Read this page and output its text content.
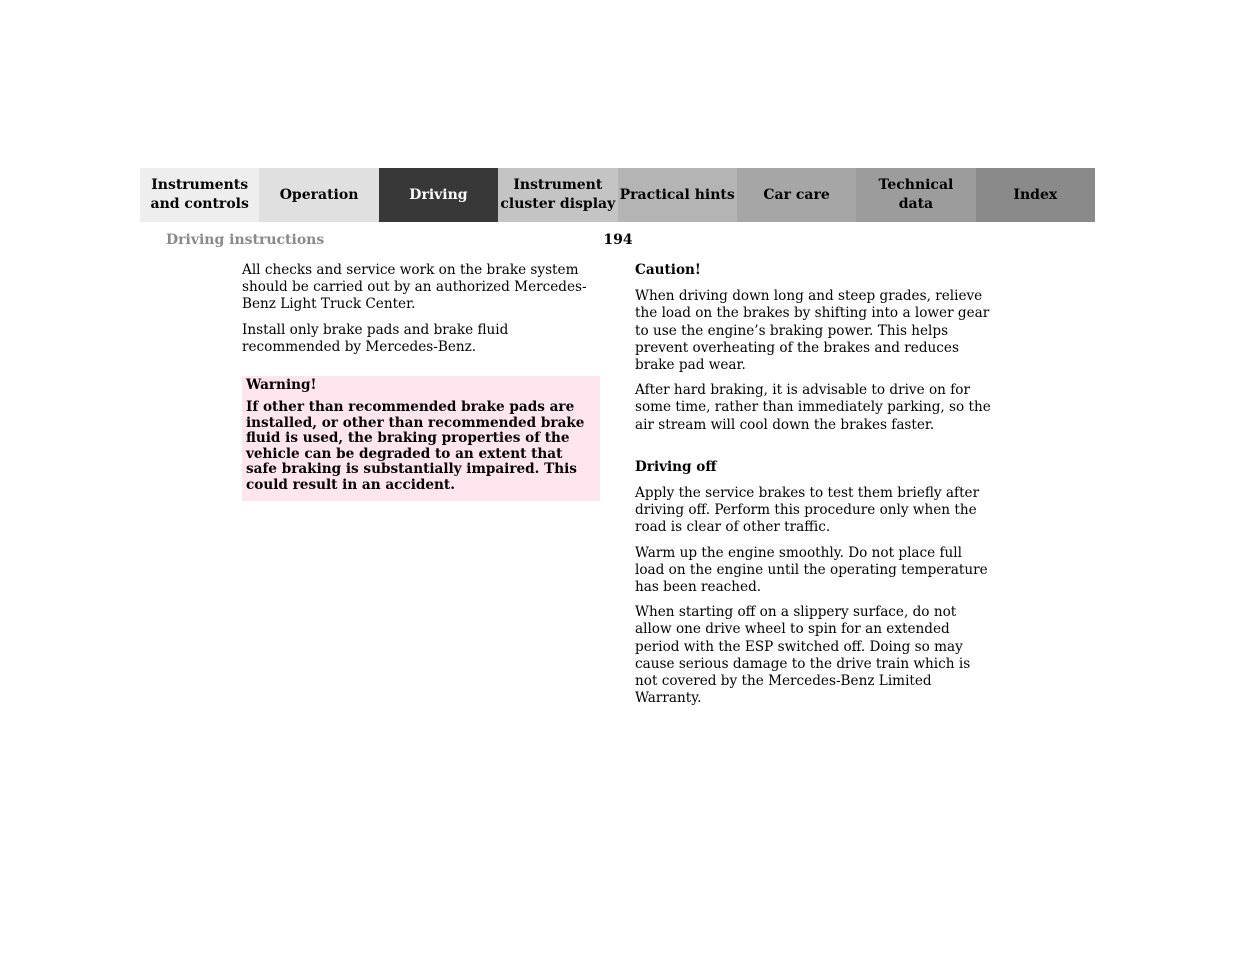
Instruments
and controls
Operation	Driving
Instrument
cluster display
Practical hints Car care
Technical
data
Index
Driving instructions	194

All checks and service work on the brake system should be carried out by an authorized Mercedes-Benz Light Truck Center.

Install only brake pads and brake fluid recommended by Mercedes-Benz.

Warning!
If other than recommended brake pads are installed, or other than recommended brake fluid is used, the braking properties of the vehicle can be degraded to an extent that safe braking is substantially impaired. This could result in an accident.
Caution!

When driving down long and steep grades, relieve the load on the brakes by shifting into a lower gear to use the engine’s braking power. This helps prevent overheating of the brakes and reduces brake pad wear.

After hard braking, it is advisable to drive on for some time, rather than immediately parking, so the air stream will cool down the brakes faster.

Driving off

Apply the service brakes to test them briefly after driving off. Perform this procedure only when the road is clear of other traffic.

Warm up the engine smoothly. Do not place full load on the engine until the operating temperature has been reached.

When starting off on a slippery surface, do not allow one drive wheel to spin for an extended period with the ESP switched off. Doing so may cause serious damage to the drive train which is not covered by the Mercedes-Benz Limited Warranty.
